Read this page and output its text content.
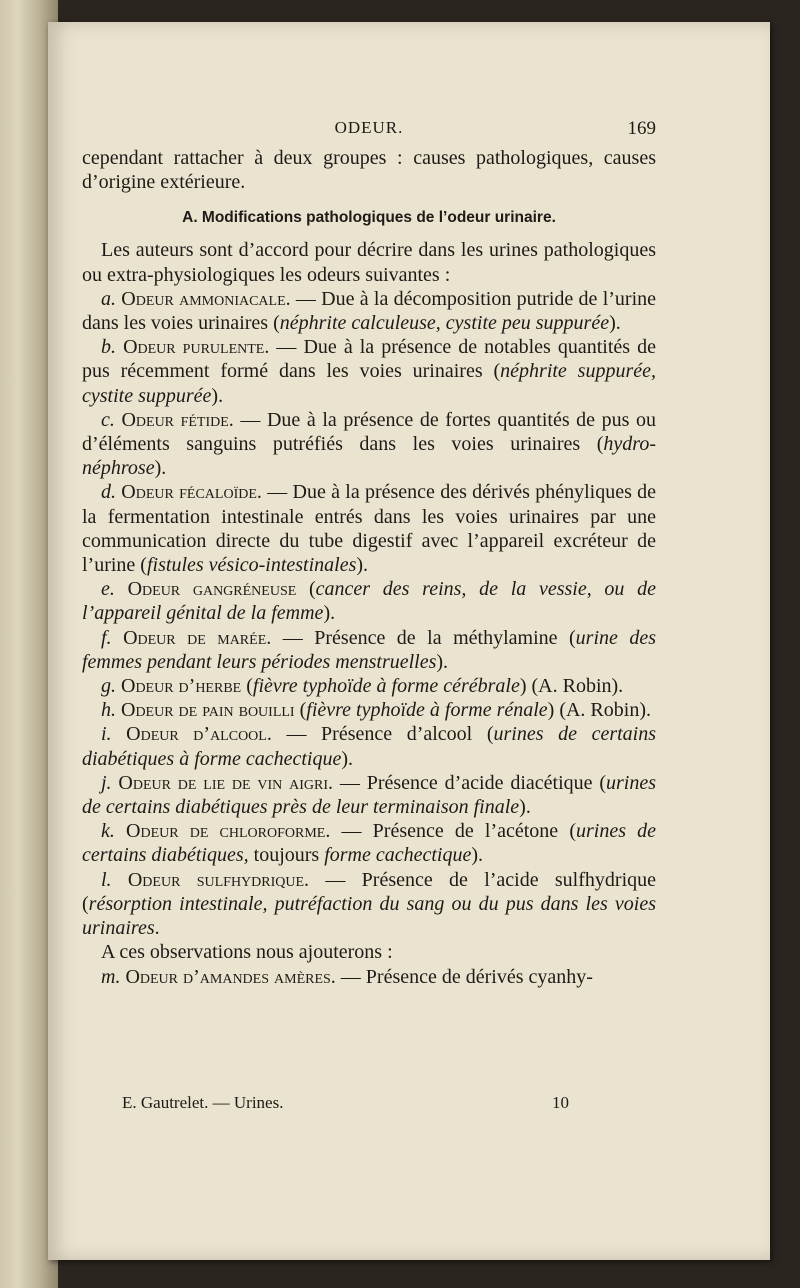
ODEUR.	169

cependant rattacher à deux groupes : causes pathologiques, causes d’origine extérieure.

A. Modifications pathologiques de l’odeur urinaire.

Les auteurs sont d’accord pour décrire dans les urines pathologiques ou extra-physiologiques les odeurs suivantes :

a. Odeur ammoniacale. — Due à la décomposition putride de l’urine dans les voies urinaires (néphrite calculeuse, cystite peu suppurée).

b. Odeur purulente. — Due à la présence de notables quantités de pus récemment formé dans les voies urinaires (néphrite suppurée, cystite suppurée).

c. Odeur fétide. — Due à la présence de fortes quantités de pus ou d’éléments sanguins putréfiés dans les voies urinaires (hydro-néphrose).

d. Odeur fécaloïde. — Due à la présence des dérivés phényliques de la fermentation intestinale entrés dans les voies urinaires par une communication directe du tube digestif avec l’appareil excréteur de l’urine (fistules vésico-intestinales).

e. Odeur gangréneuse (cancer des reins, de la vessie, ou de l’appareil génital de la femme).

f. Odeur de marée. — Présence de la méthylamine (urine des femmes pendant leurs périodes menstruelles).

g. Odeur d’herbe (fièvre typhoïde à forme cérébrale) (A. Robin).

h. Odeur de pain bouilli (fièvre typhoïde à forme rénale) (A. Robin).

i. Odeur d’alcool. — Présence d’alcool (urines de certains diabétiques à forme cachectique).

j. Odeur de lie de vin aigri. — Présence d’acide diacétique (urines de certains diabétiques près de leur terminaison finale).

k. Odeur de chloroforme. — Présence de l’acétone (urines de certains diabétiques, toujours forme cachectique).

l. Odeur sulfhydrique. — Présence de l’acide sulfhydrique (résorption intestinale, putréfaction du sang ou du pus dans les voies urinaires.

A ces observations nous ajouterons :

m. Odeur d’amandes amères. — Présence de dérivés cyanhy-

E. Gautrelet. — Urines.	10
